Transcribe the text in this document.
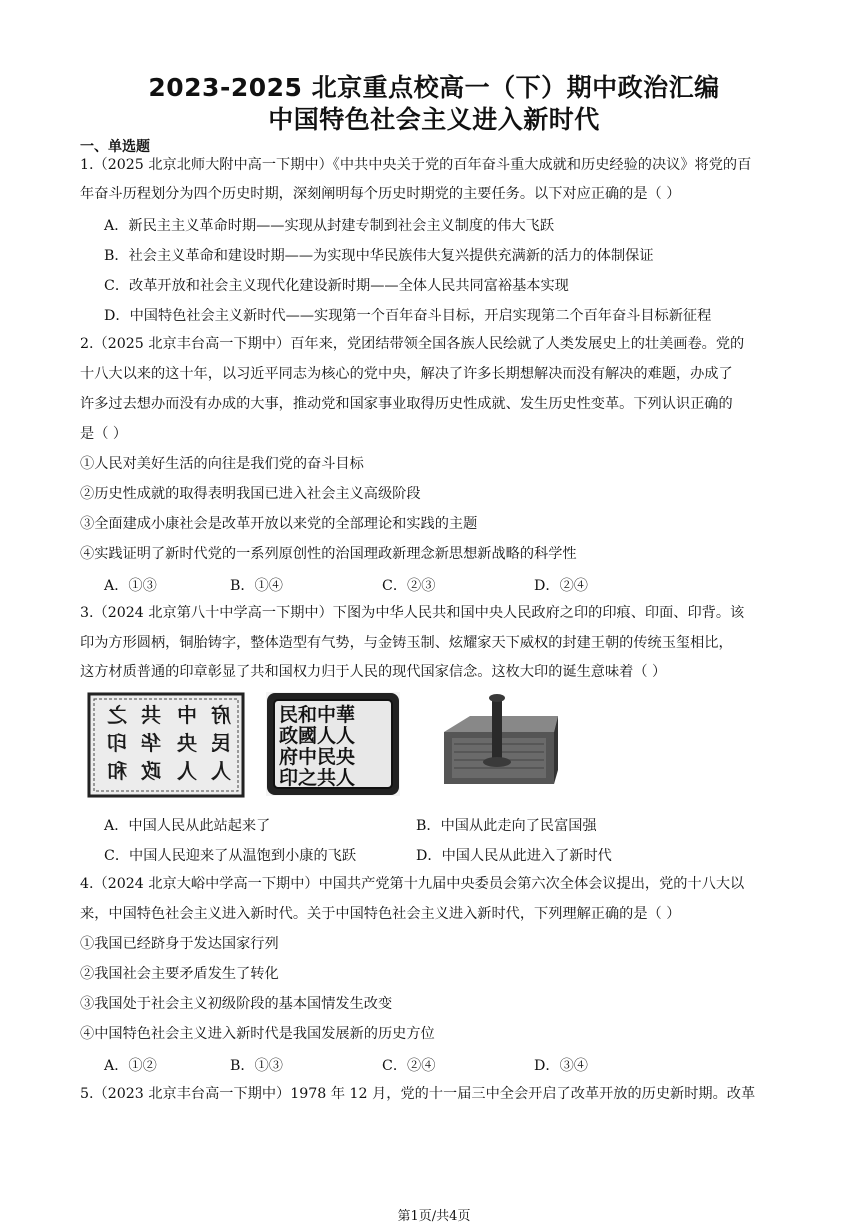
2023-2025 北京重点校高一（下）期中政治汇编
中国特色社会主义进入新时代
一、单选题
1.（2025 北京北师大附中高一下期中）《中共中央关于党的百年奋斗重大成就和历史经验的决议》将党的百
年奋斗历程划分为四个历史时期，深刻阐明每个历史时期党的主要任务。以下对应正确的是（ ）
A．新民主主义革命时期——实现从封建专制到社会主义制度的伟大飞跃
B．社会主义革命和建设时期——为实现中华民族伟大复兴提供充满新的活力的体制保证
C．改革开放和社会主义现代化建设新时期——全体人民共同富裕基本实现
D．中国特色社会主义新时代——实现第一个百年奋斗目标，开启实现第二个百年奋斗目标新征程
2.（2025 北京丰台高一下期中）百年来，党团结带领全国各族人民绘就了人类发展史上的壮美画卷。党的
十八大以来的这十年，以习近平同志为核心的党中央，解决了许多长期想解决而没有解决的难题，办成了
许多过去想办而没有办成的大事，推动党和国家事业取得历史性成就、发生历史性变革。下列认识正确的
是（ ）
①人民对美好生活的向往是我们党的奋斗目标
②历史性成就的取得表明我国已进入社会主义高级阶段
③全面建成小康社会是改革开放以来党的全部理论和实践的主题
④实践证明了新时代党的一系列原创性的治国理政新理念新思想新战略的科学性
A．①③	B．①④	C．②③	D．②④
3.（2024 北京第八十中学高一下期中）下图为中华人民共和国中央人民政府之印的印痕、印面、印背。该
印为方形圆柄，铜胎铸字，整体造型有气势，与金铸玉制、炫耀家天下威权的封建王朝的传统玉玺相比，
这方材质普通的印章彰显了共和国权力归于人民的现代国家信念。这枚大印的诞生意味着（ ）
府
民
人
中
央
人
共
华
政
之
印
和
民和中華
政國人人
府中民央
印之共人
A．中国人民从此站起来了	B．中国从此走向了民富国强
C．中国人民迎来了从温饱到小康的飞跃	D．中国人民从此进入了新时代
4.（2024 北京大峪中学高一下期中）中国共产党第十九届中央委员会第六次全体会议提出，党的十八大以
来，中国特色社会主义进入新时代。关于中国特色社会主义进入新时代，下列理解正确的是（ ）
①我国已经跻身于发达国家行列
②我国社会主要矛盾发生了转化
③我国处于社会主义初级阶段的基本国情发生改变
④中国特色社会主义进入新时代是我国发展新的历史方位
A．①②	B．①③	C．②④	D．③④
5.（2023 北京丰台高一下期中）1978 年 12 月，党的十一届三中全会开启了改革开放的历史新时期。改革
第1页/共4页
